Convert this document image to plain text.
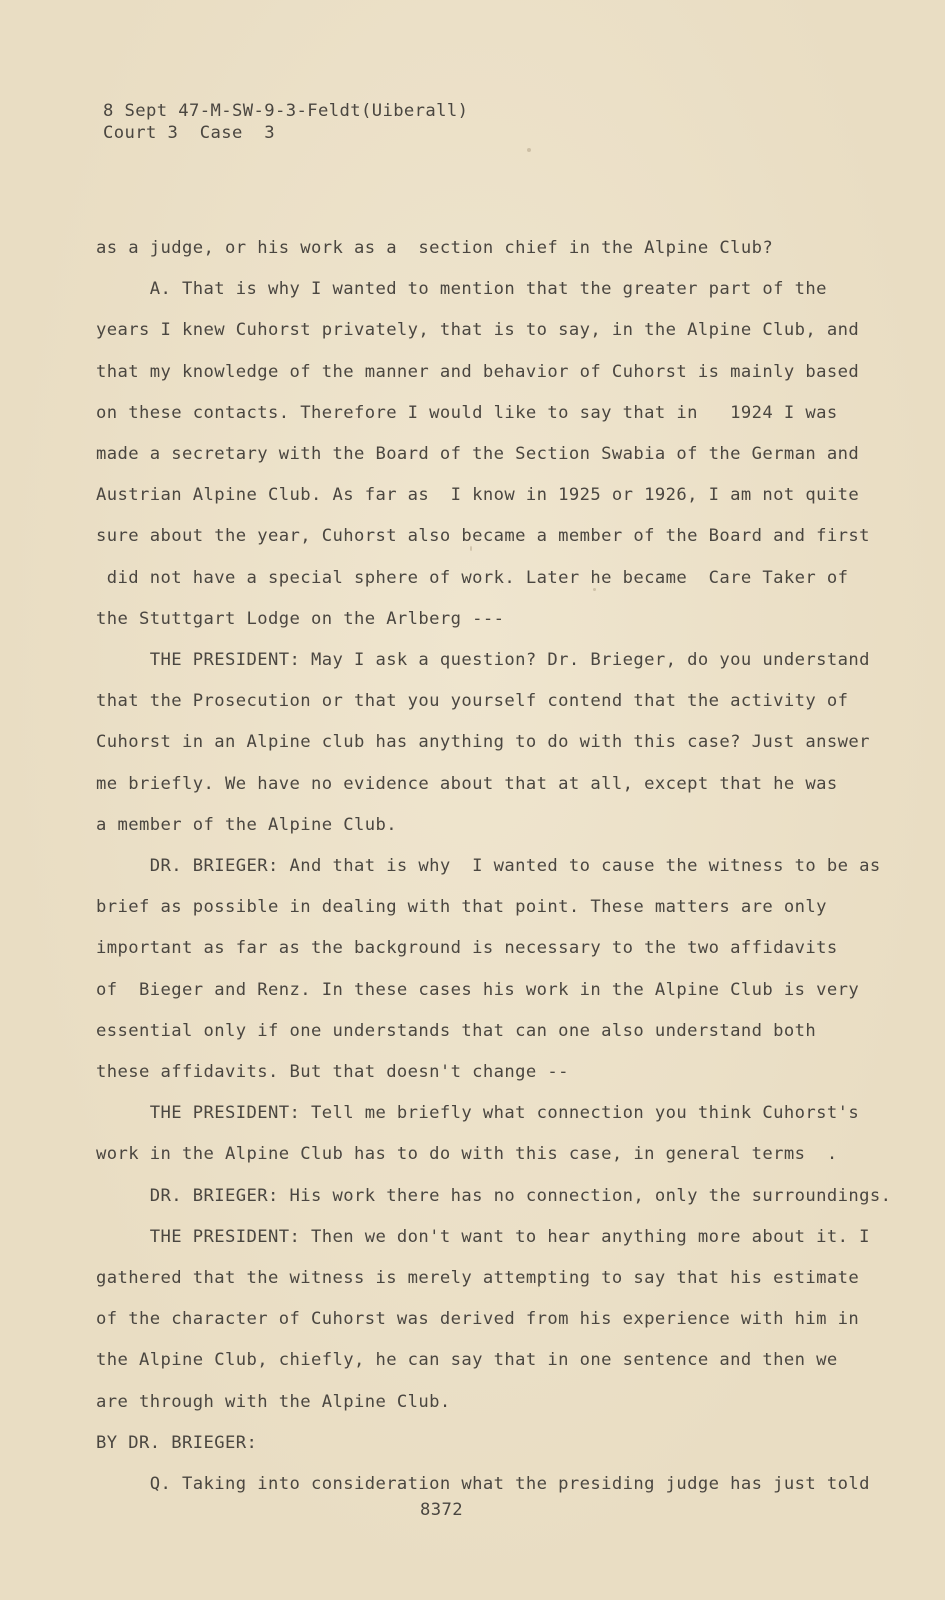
8 Sept 47-M-SW-9-3-Feldt(Uiberall)
Court 3  Case  3
as a judge, or his work as a  section chief in the Alpine Club?
A. That is why I wanted to mention that the greater part of the
years I knew Cuhorst privately, that is to say, in the Alpine Club, and
that my knowledge of the manner and behavior of Cuhorst is mainly based
on these contacts. Therefore I would like to say that in   1924 I was
made a secretary with the Board of the Section Swabia of the German and
Austrian Alpine Club. As far as  I know in 1925 or 1926, I am not quite
sure about the year, Cuhorst also became a member of the Board and first
did not have a special sphere of work. Later he became  Care Taker of
the Stuttgart Lodge on the Arlberg ---
THE PRESIDENT: May I ask a question? Dr. Brieger, do you understand
that the Prosecution or that you yourself contend that the activity of
Cuhorst in an Alpine club has anything to do with this case? Just answer
me briefly. We have no evidence about that at all, except that he was
a member of the Alpine Club.
DR. BRIEGER: And that is why  I wanted to cause the witness to be as
brief as possible in dealing with that point. These matters are only
important as far as the background is necessary to the two affidavits
of  Bieger and Renz. In these cases his work in the Alpine Club is very
essential only if one understands that can one also understand both
these affidavits. But that doesn't change --
THE PRESIDENT: Tell me briefly what connection you think Cuhorst's
work in the Alpine Club has to do with this case, in general terms  .
DR. BRIEGER: His work there has no connection, only the surroundings.
THE PRESIDENT: Then we don't want to hear anything more about it. I
gathered that the witness is merely attempting to say that his estimate
of the character of Cuhorst was derived from his experience with him in
the Alpine Club, chiefly, he can say that in one sentence and then we
are through with the Alpine Club.
BY DR. BRIEGER:
Q. Taking into consideration what the presiding judge has just told
8372
